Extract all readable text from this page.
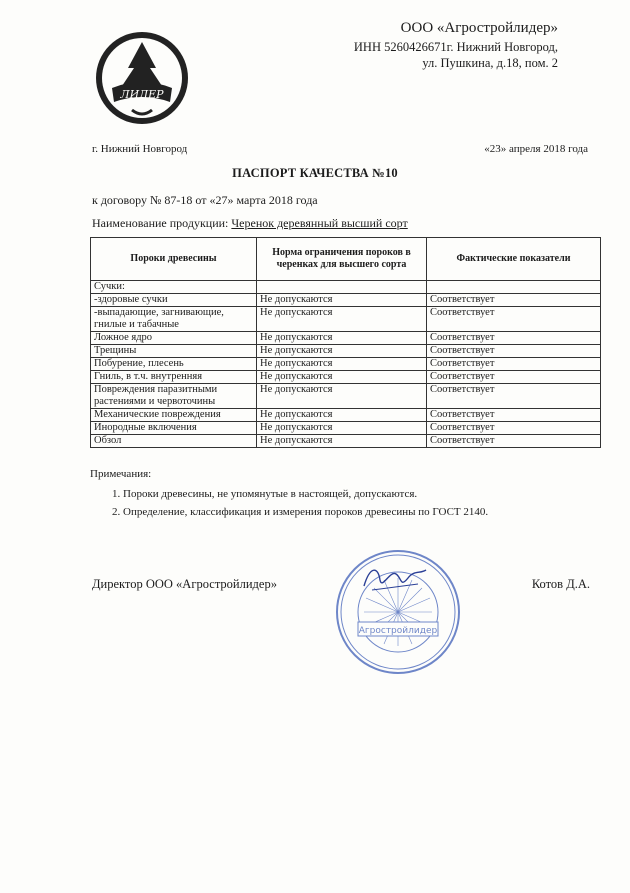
ЛИДЕР
ООО «Агростройлидер»
ИНН 5260426671г. Нижний Новгород,
ул. Пушкина, д.18, пом. 2
г. Нижний Новгород	«23» апреля 2018 года
ПАСПОРТ КАЧЕСТВА №10
к договору № 87-18 от «27» марта 2018 года
Наименование продукции: Черенок деревянный высший сорт
Пороки древесины	Норма ограничения пороков в черенках для высшего сорта	Фактические показатели
Сучки:		
-здоровые сучки	Не допускаются	Соответствует
-выпадающие, загнивающие, гнилые и табачные	Не допускаются	Соответствует
Ложное ядро	Не допускаются	Соответствует
Трещины	Не допускаются	Соответствует
Побурение, плесень	Не допускаются	Соответствует
Гниль, в т.ч. внутренняя	Не допускаются	Соответствует
Повреждения паразитными растениями и червоточины	Не допускаются	Соответствует
Механические повреждения	Не допускаются	Соответствует
Инородные включения	Не допускаются	Соответствует
Обзол	Не допускаются	Соответствует
Примечания:
1. Пороки древесины, не упомянутые в настоящей, допускаются.
2. Определение, классификация и измерения пороков древесины по ГОСТ 2140.
Директор ООО «Агростройлидер»	Котов Д.А.
Агростройлидер
